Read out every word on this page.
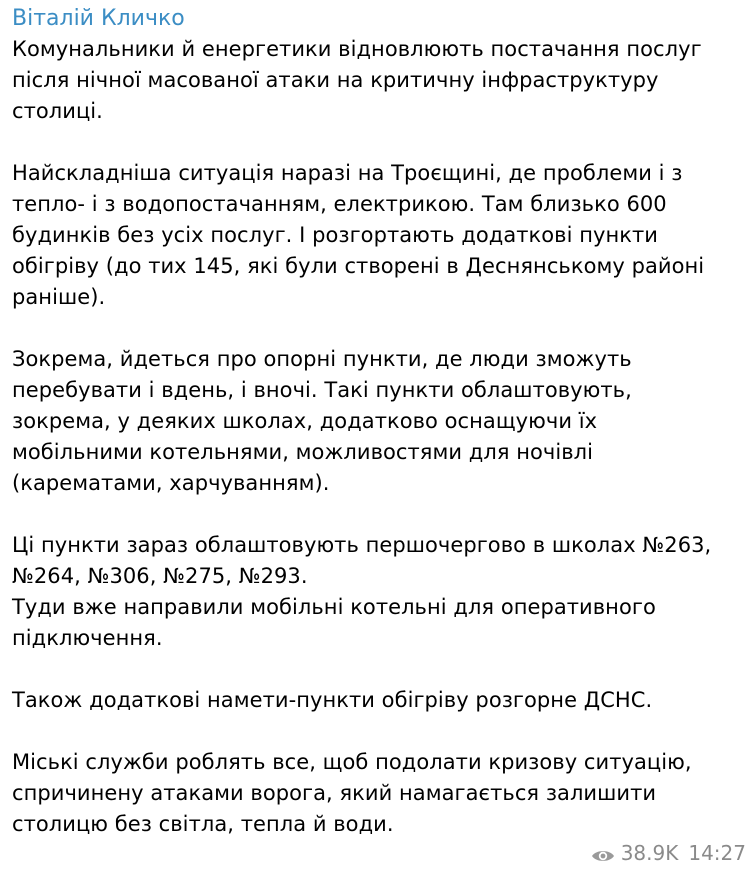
Віталій Кличко

Комунальники й енергетики відновлюють постачання послуг
після нічної масованої атаки на критичну інфраструктуру
столиці.

Найскладніша ситуація наразі на Троєщині, де проблеми і з
тепло- і з водопостачанням, електрикою. Там близько 600
будинків без усіх послуг. І розгортають додаткові пункти
обігріву (до тих 145, які були створені в Деснянському районі
раніше).

Зокрема, йдеться про опорні пункти, де люди зможуть
перебувати і вдень, і вночі. Такі пункти облаштовують,
зокрема, у деяких школах, додатково оснащуючи їх
мобільними котельнями, можливостями для ночівлі
(карематами, харчуванням).

Ці пункти зараз облаштовують першочергово в школах №263,
№264, №306, №275, №293.
Туди вже направили мобільні котельні для оперативного
підключення.

Також додаткові намети-пункти обігріву розгорне ДСНС.

Міські служби роблять все, щоб подолати кризову ситуацію,
спричинену атаками ворога, який намагається залишити
столицю без світла, тепла й води.

38.9K 14:27
